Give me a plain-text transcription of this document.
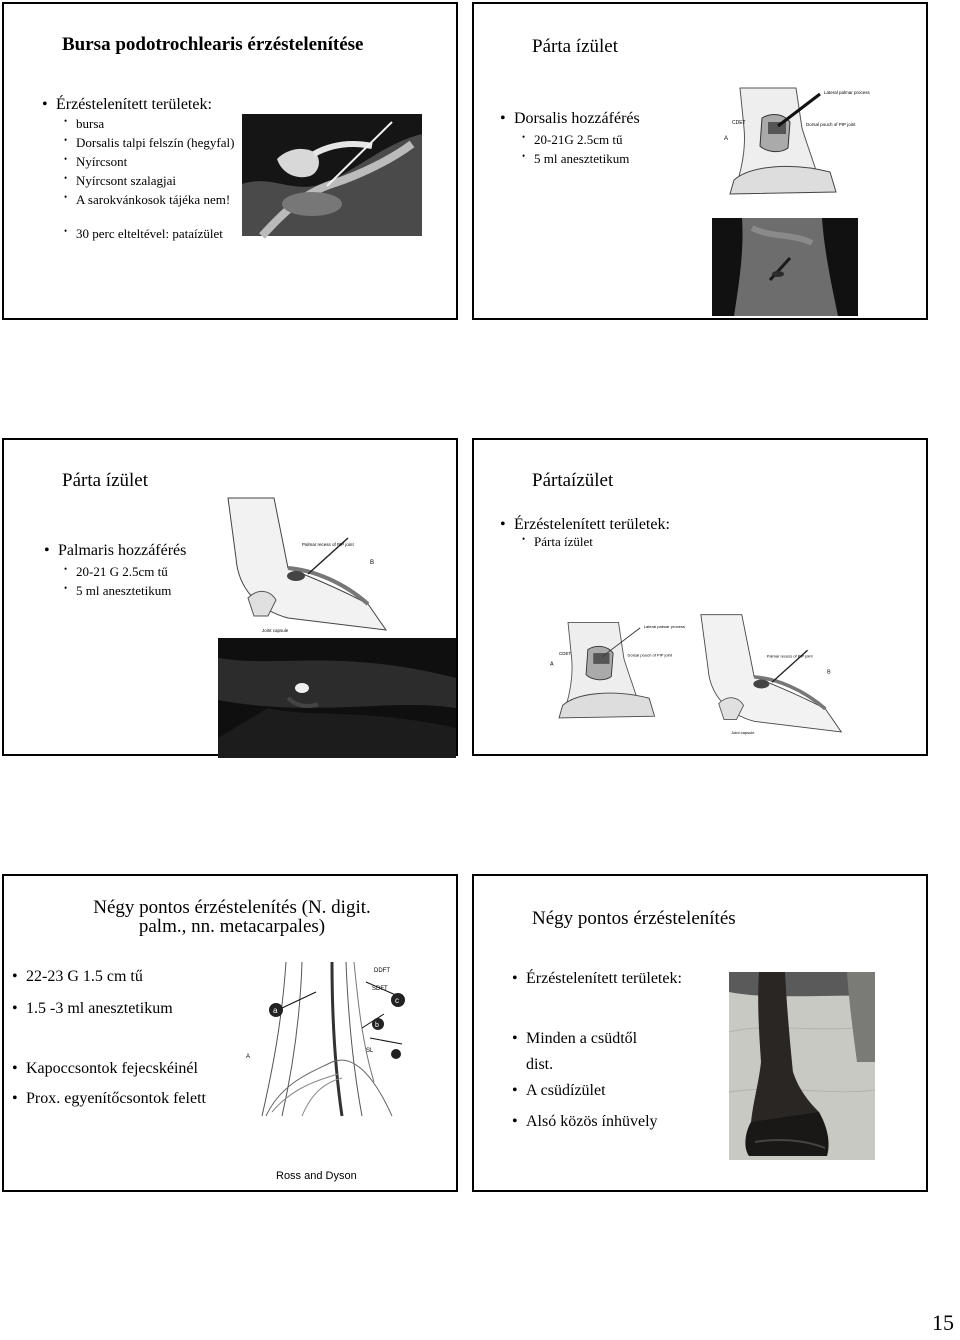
Bursa podotrochlearis érzéstelenítése
• Érzéstelenített területek:
• bursa
• Dorsalis talpi felszín (hegyfal)
• Nyírcsont
• Nyírcsont szalagjai
• A sarokvánkosok tájéka nem!
• 30 perc elteltével: pataízület
Párta ízület
• Dorsalis hozzáférés
• 20-21G 2.5cm tű
• 5 ml anesztetikum
A
CDET
Lateral palmar process
Dorsal pouch of PIP joint
Párta ízület
• Palmaris hozzáférés
• 20-21 G 2.5cm tű
• 5 ml anesztetikum
Palmar recess of PIP joint
B
Joint capsule
Pártaízület
• Érzéstelenített területek:
• Párta ízület
A
CDET
Lateral palmar process
Dorsal pouch of PIP joint	Palmar recess of PIP joint
B
Joint capsule
Négy pontos érzéstelenítés (N. digit. palm., nn. metacarpales)
• 22-23 G 1.5 cm tű
• 1.5 -3 ml anesztetikum
• Kapoccsontok fejecskéinél
• Prox. egyenítőcsontok felett
a
b
c
DDFT
SDFT
A
SL
Ross and Dyson
Négy pontos érzéstelenítés
• Érzéstelenített területek:
• Minden a csüdtől dist.
• A csüdízület
• Alsó közös ínhüvely
15
